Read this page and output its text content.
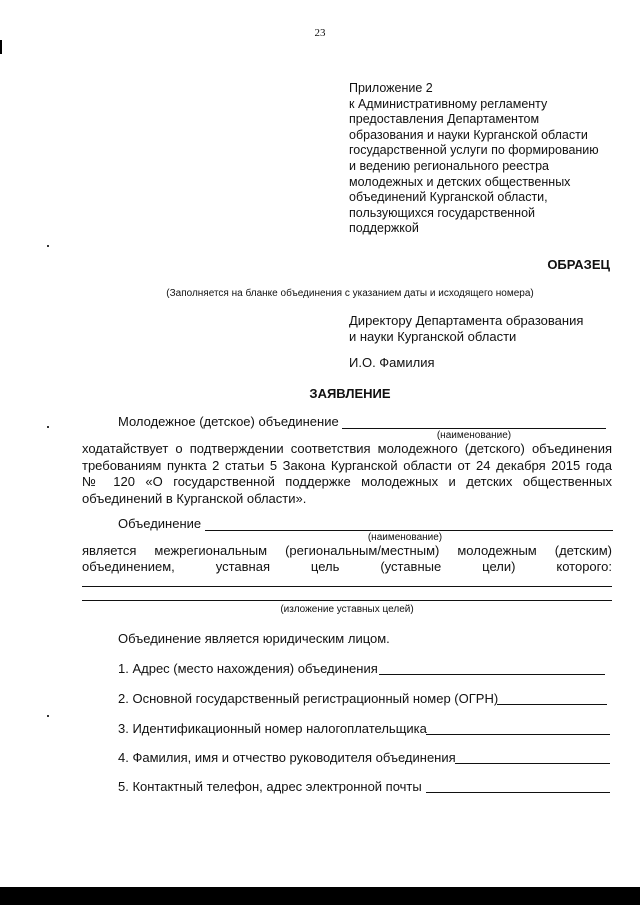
23
Приложение 2
к Административному регламенту
предоставления Департаментом
образования и науки Курганской области
государственной услуги по формированию
и ведению регионального реестра
молодежных и детских общественных
объединений Курганской области,
пользующихся государственной
поддержкой
ОБРАЗЕЦ
(Заполняется на бланке объединения с указанием даты и исходящего номера)
Директору Департамента образования
и науки Курганской области
И.О. Фамилия
ЗАЯВЛЕНИЕ
Молодежное (детское) объединение
(наименование)
ходатайствует о подтверждении соответствия молодежного (детского) объединения
требованиям пункта 2 статьи 5 Закона Курганской области от 24 декабря 2015 года
№ 120 «О государственной поддержке молодежных и детских общественных
объединений в Курганской области».
Объединение
(наименование)
является межрегиональным (региональным/местным) молодежным (детским)
объединением,	уставная	цель	(уставные	цели)	которого:
(изложение уставных целей)
Объединение является юридическим лицом.
1. Адрес (место нахождения) объединения
2. Основной государственный регистрационный номер (ОГРН)
3. Идентификационный номер налогоплательщика
4. Фамилия, имя и отчество руководителя объединения
5. Контактный телефон, адрес электронной почты
